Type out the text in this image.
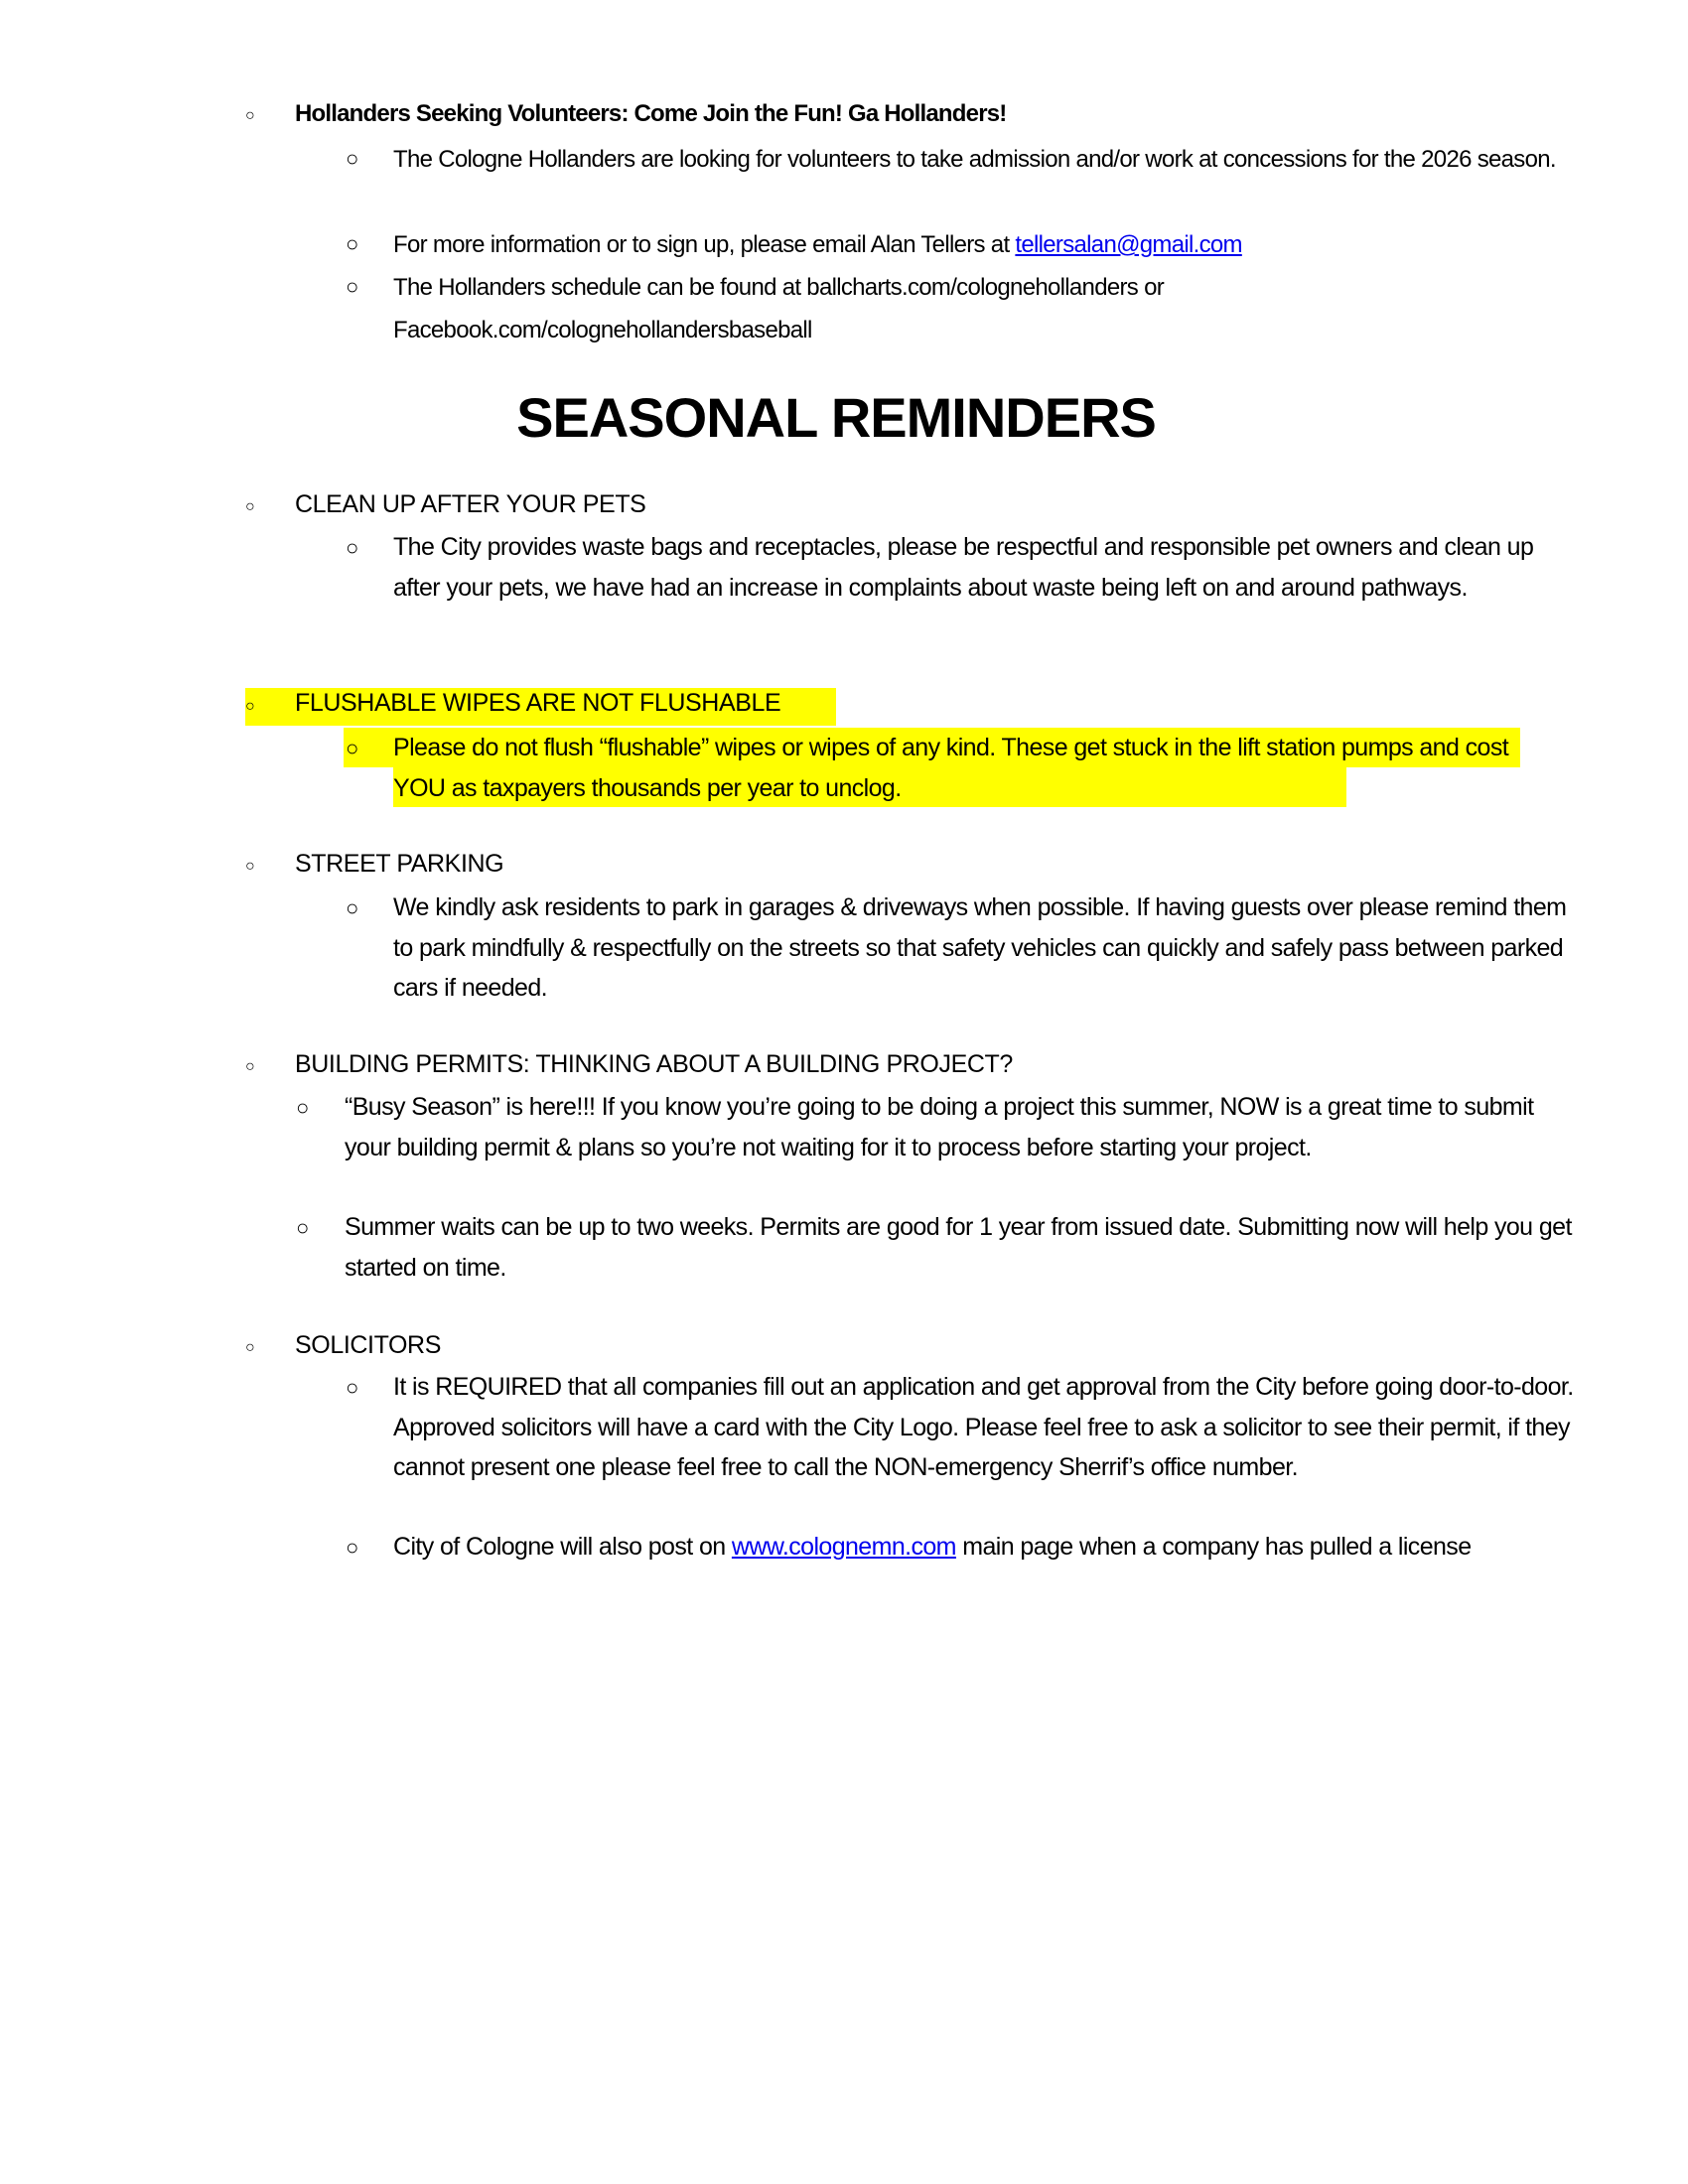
○ Hollanders Seeking Volunteers: Come Join the Fun! Ga Hollanders!
○ The Cologne Hollanders are looking for volunteers to take admission and/or work at concessions for the 2026 season.
○ For more information or to sign up, please email Alan Tellers at tellersalan@gmail.com
○ The Hollanders schedule can be found at ballcharts.com/colognehollanders or Facebook.com/colognehollandersbaseball
SEASONAL REMINDERS
○ CLEAN UP AFTER YOUR PETS
○ The City provides waste bags and receptacles, please be respectful and responsible pet owners and clean up after your pets, we have had an increase in complaints about waste being left on and around pathways.
○ FLUSHABLE WIPES ARE NOT FLUSHABLE
○ Please do not flush “flushable” wipes or wipes of any kind. These get stuck in the lift station pumps and cost YOU as taxpayers thousands per year to unclog.
○ STREET PARKING
○ We kindly ask residents to park in garages & driveways when possible. If having guests over please remind them to park mindfully & respectfully on the streets so that safety vehicles can quickly and safely pass between parked cars if needed.
○ BUILDING PERMITS: THINKING ABOUT A BUILDING PROJECT?
○ “Busy Season” is here!!! If you know you’re going to be doing a project this summer, NOW is a great time to submit your building permit & plans so you’re not waiting for it to process before starting your project.
○ Summer waits can be up to two weeks. Permits are good for 1 year from issued date. Submitting now will help you get started on time.
○ SOLICITORS
○ It is REQUIRED that all companies fill out an application and get approval from the City before going door-to-door. Approved solicitors will have a card with the City Logo. Please feel free to ask a solicitor to see their permit, if they cannot present one please feel free to call the NON-emergency Sherrif’s office number.
○ City of Cologne will also post on www.colognemn.com main page when a company has pulled a license
